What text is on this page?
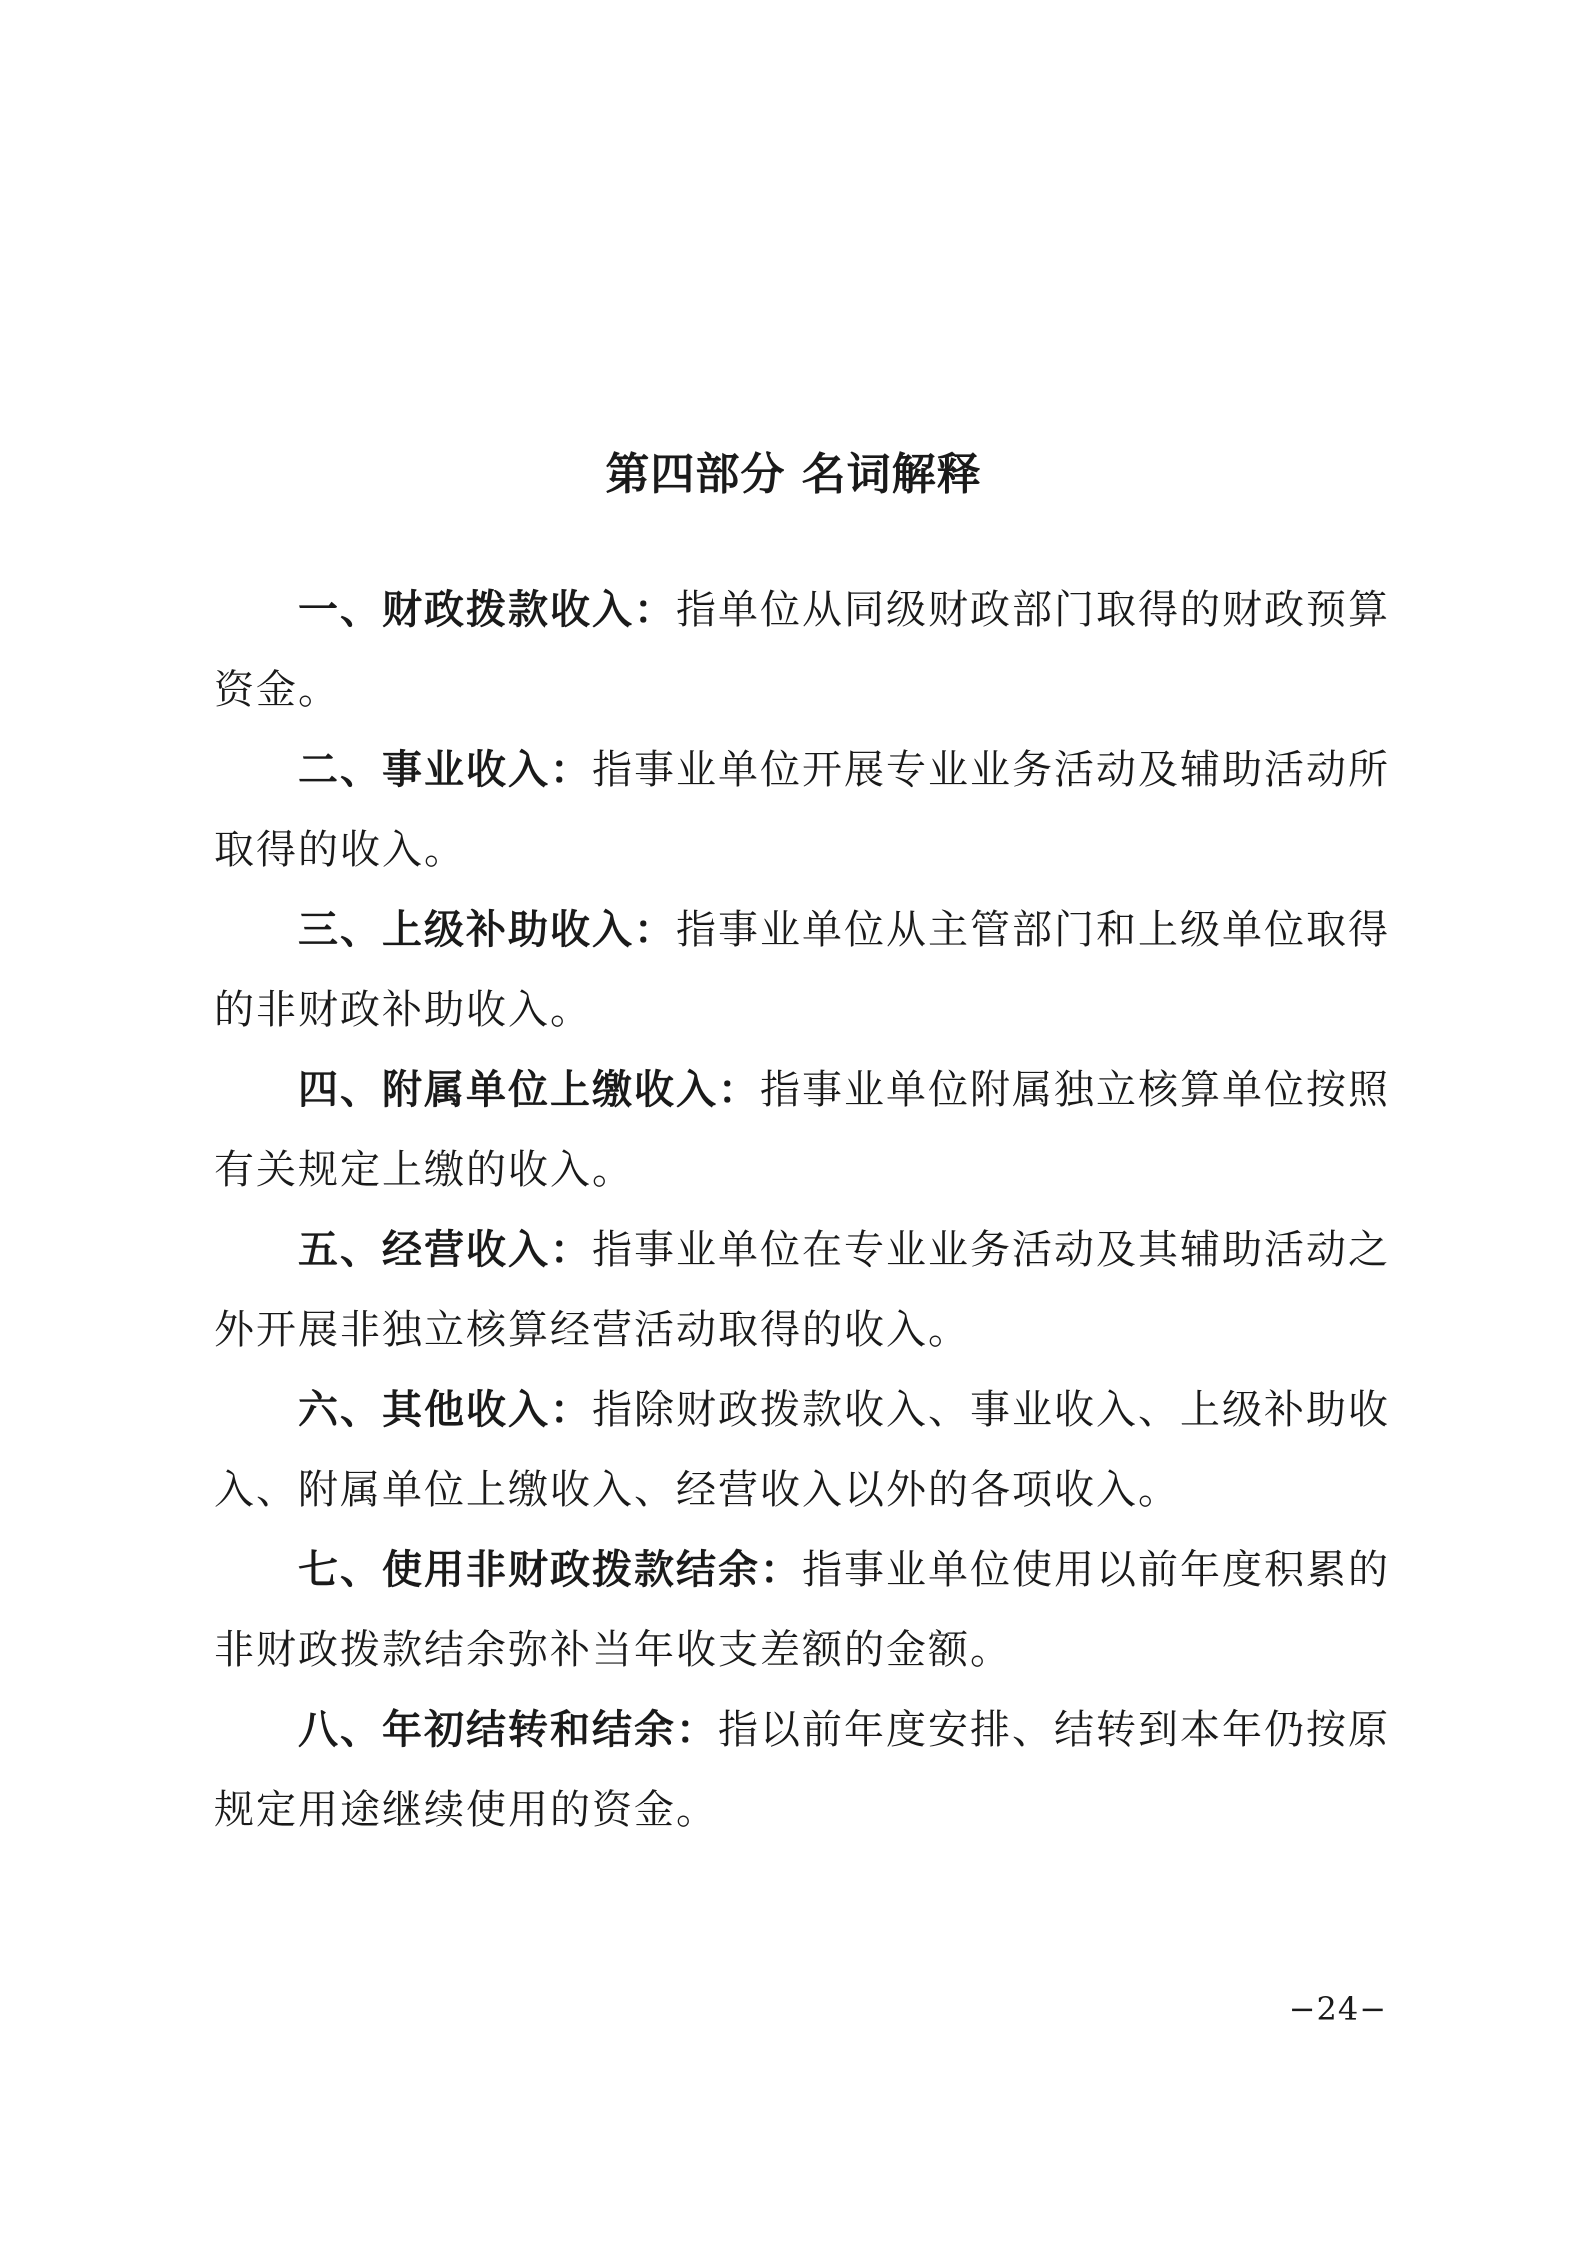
第四部分 名词解释

一、财政拨款收入：指单位从同级财政部门取得的财政预算资金。

二、事业收入：指事业单位开展专业业务活动及辅助活动所取得的收入。

三、上级补助收入：指事业单位从主管部门和上级单位取得的非财政补助收入。

四、附属单位上缴收入：指事业单位附属独立核算单位按照有关规定上缴的收入。

五、经营收入：指事业单位在专业业务活动及其辅助活动之外开展非独立核算经营活动取得的收入。

六、其他收入：指除财政拨款收入、事业收入、上级补助收入、附属单位上缴收入、经营收入以外的各项收入。

七、使用非财政拨款结余：指事业单位使用以前年度积累的非财政拨款结余弥补当年收支差额的金额。

八、年初结转和结余：指以前年度安排、结转到本年仍按原规定用途继续使用的资金。

−24−
